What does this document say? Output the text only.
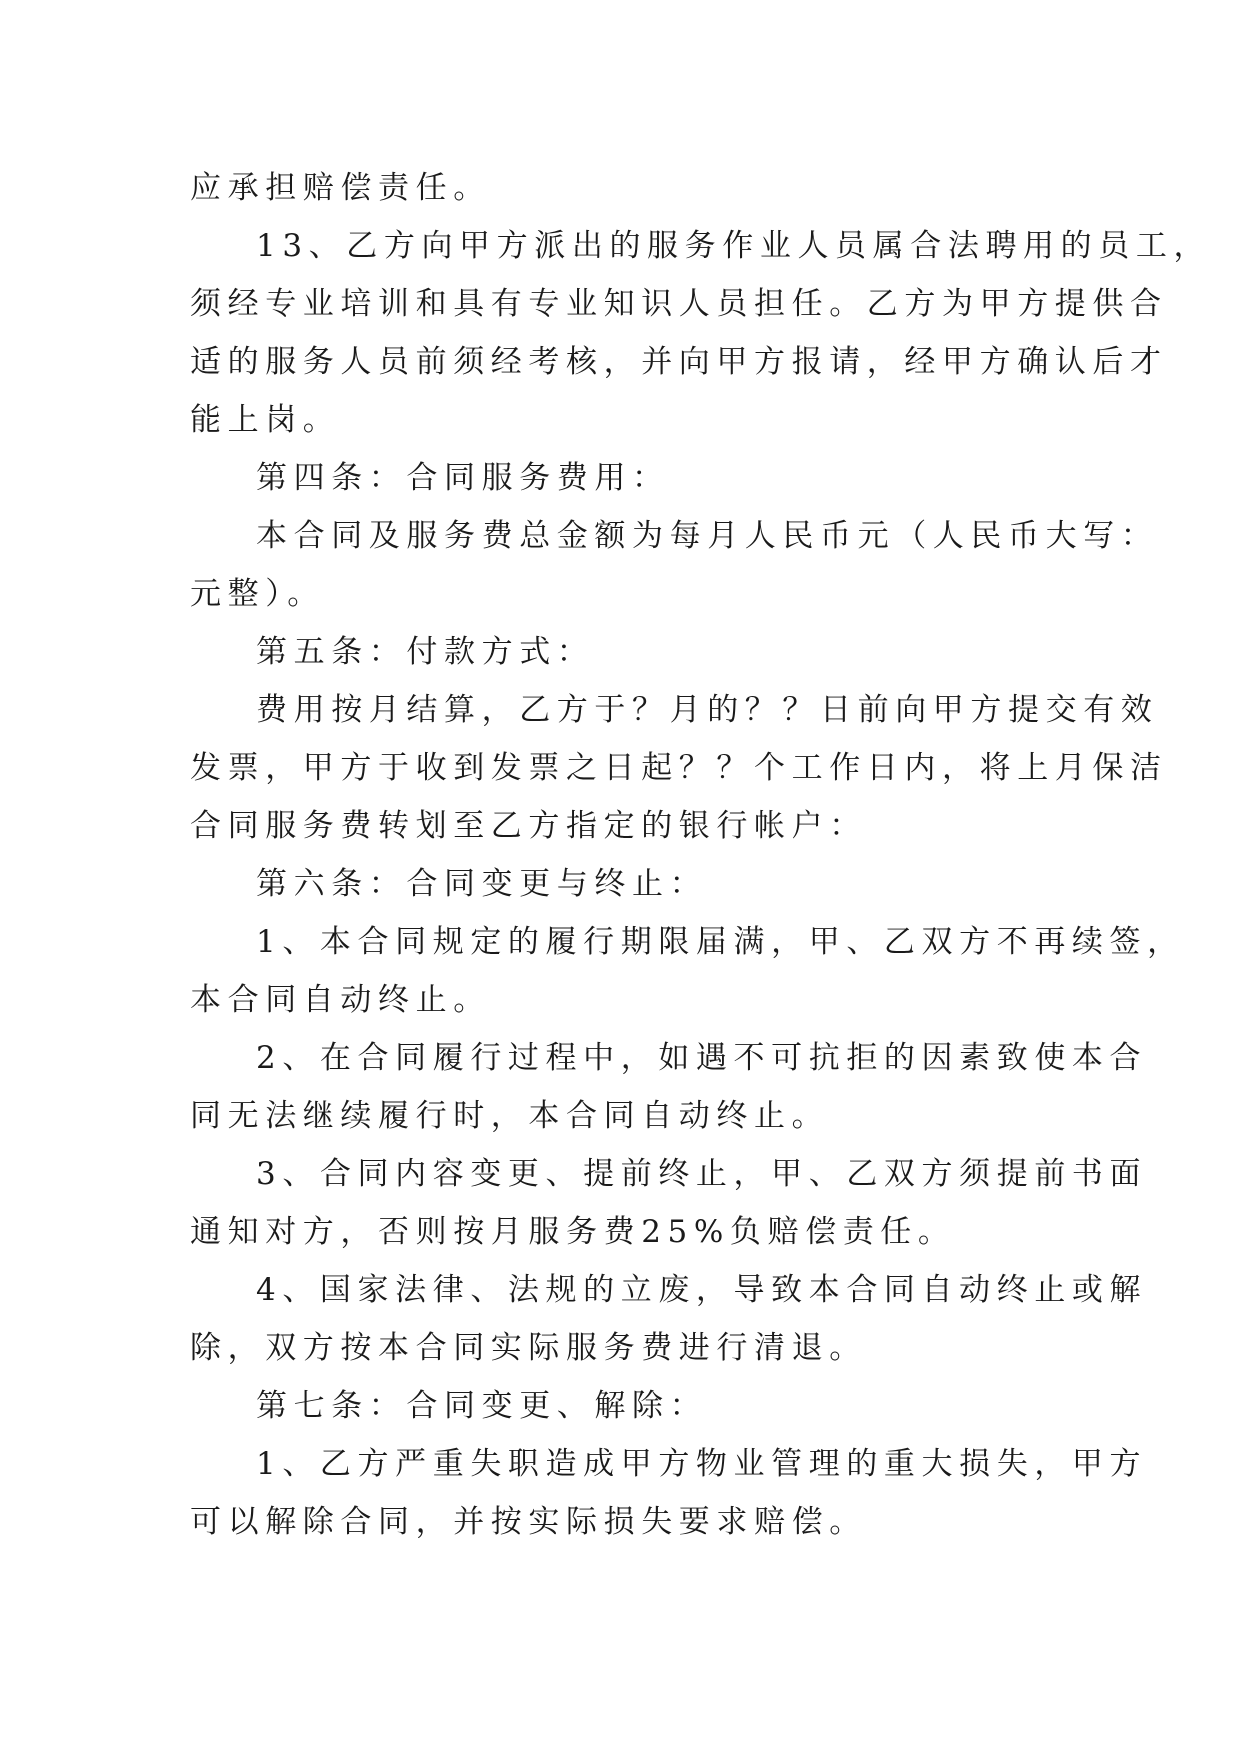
应承担赔偿责任。
13、乙方向甲方派出的服务作业人员属合法聘用的员工，
须经专业培训和具有专业知识人员担任。乙方为甲方提供合
适的服务人员前须经考核，并向甲方报请，经甲方确认后才
能上岗。
第四条：合同服务费用：
本合同及服务费总金额为每月人民币元（人民币大写：
元整）。
第五条：付款方式：
费用按月结算，乙方于？月的？？日前向甲方提交有效
发票，甲方于收到发票之日起？？个工作日内，将上月保洁
合同服务费转划至乙方指定的银行帐户：
第六条：合同变更与终止：
1、本合同规定的履行期限届满，甲、乙双方不再续签，
本合同自动终止。
2、在合同履行过程中，如遇不可抗拒的因素致使本合
同无法继续履行时，本合同自动终止。
3、合同内容变更、提前终止，甲、乙双方须提前书面
通知对方，否则按月服务费25%负赔偿责任。
4、国家法律、法规的立废，导致本合同自动终止或解
除，双方按本合同实际服务费进行清退。
第七条：合同变更、解除：
1、乙方严重失职造成甲方物业管理的重大损失，甲方
可以解除合同，并按实际损失要求赔偿。
